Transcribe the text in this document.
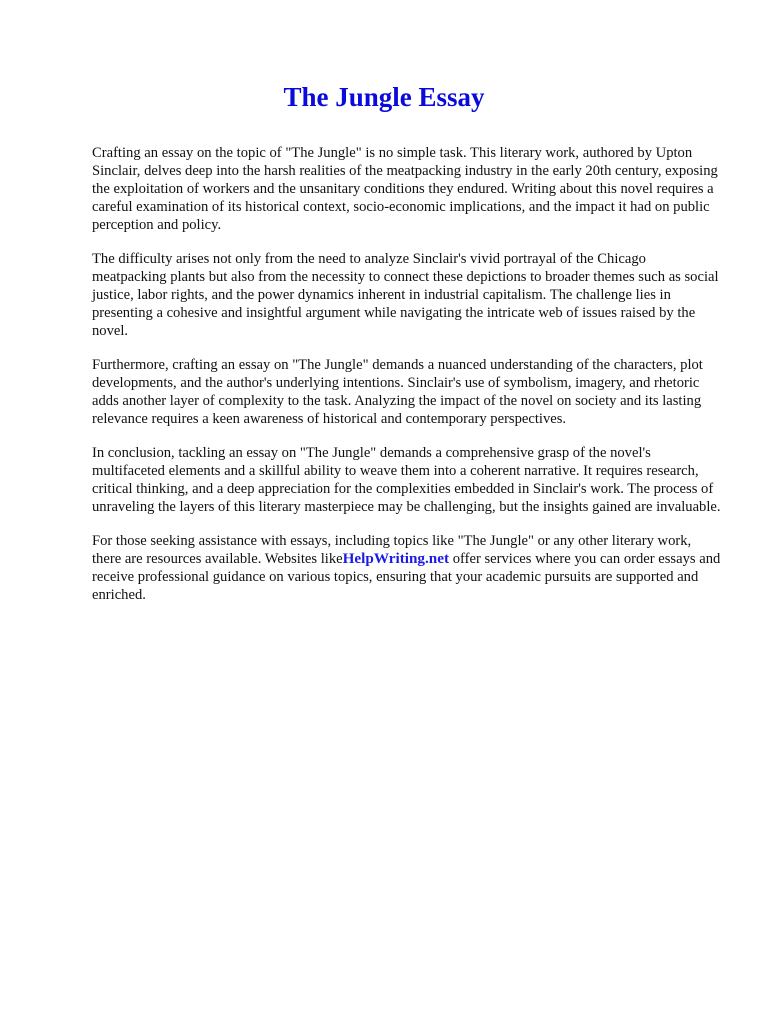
The Jungle Essay

Crafting an essay on the topic of "The Jungle" is no simple task. This literary work, authored by Upton Sinclair, delves deep into the harsh realities of the meatpacking industry in the early 20th century, exposing the exploitation of workers and the unsanitary conditions they endured. Writing about this novel requires a careful examination of its historical context, socio-economic implications, and the impact it had on public perception and policy.

The difficulty arises not only from the need to analyze Sinclair's vivid portrayal of the Chicago meatpacking plants but also from the necessity to connect these depictions to broader themes such as social justice, labor rights, and the power dynamics inherent in industrial capitalism. The challenge lies in presenting a cohesive and insightful argument while navigating the intricate web of issues raised by the novel.

Furthermore, crafting an essay on "The Jungle" demands a nuanced understanding of the characters, plot developments, and the author's underlying intentions. Sinclair's use of symbolism, imagery, and rhetoric adds another layer of complexity to the task. Analyzing the impact of the novel on society and its lasting relevance requires a keen awareness of historical and contemporary perspectives.

In conclusion, tackling an essay on "The Jungle" demands a comprehensive grasp of the novel's multifaceted elements and a skillful ability to weave them into a coherent narrative. It requires research, critical thinking, and a deep appreciation for the complexities embedded in Sinclair's work. The process of unraveling the layers of this literary masterpiece may be challenging, but the insights gained are invaluable.

For those seeking assistance with essays, including topics like "The Jungle" or any other literary work, there are resources available. Websites likeHelpWriting.net offer services where you can order essays and receive professional guidance on various topics, ensuring that your academic pursuits are supported and enriched.
